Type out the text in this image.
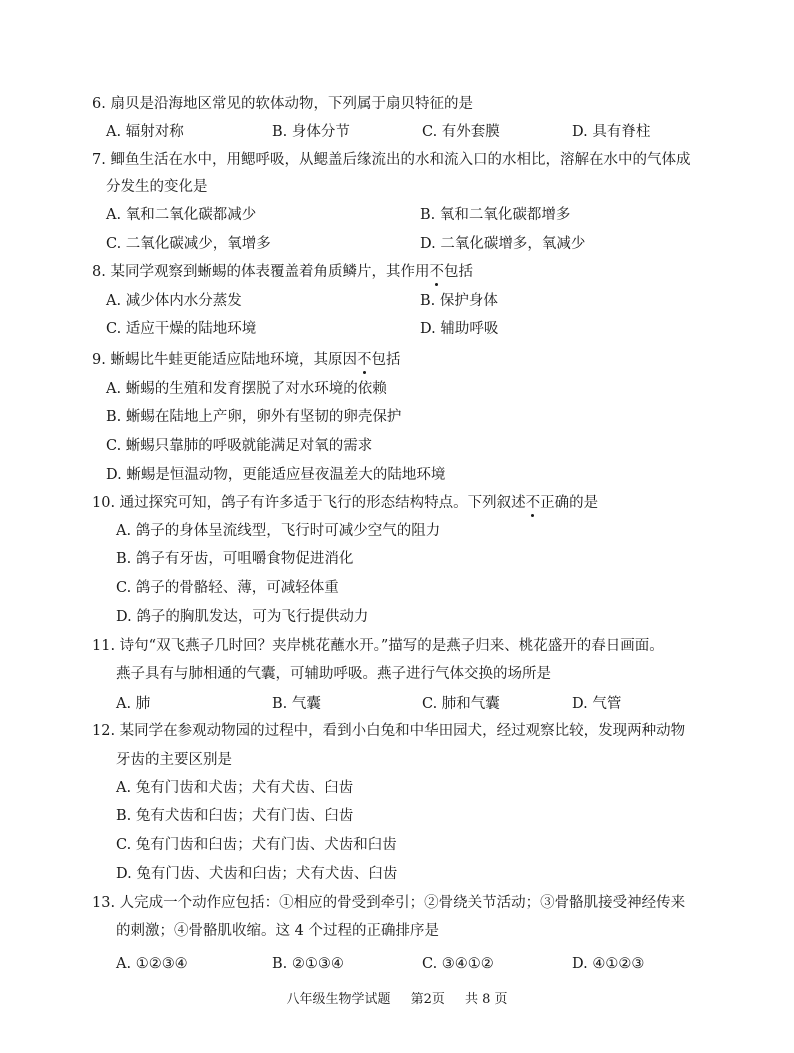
6. 扇贝是沿海地区常见的软体动物，下列属于扇贝特征的是
A. 辐射对称	B. 身体分节	C. 有外套膜	D. 具有脊柱
7. 鲫鱼生活在水中，用鳃呼吸，从鳃盖后缘流出的水和流入口的水相比，溶解在水中的气体成
分发生的变化是
A. 氧和二氧化碳都减少	B. 氧和二氧化碳都增多
C. 二氧化碳减少，氧增多	D. 二氧化碳增多，氧减少
8. 某同学观察到蜥蜴的体表覆盖着角质鳞片，其作用不包括
A. 减少体内水分蒸发	B. 保护身体
C. 适应干燥的陆地环境	D. 辅助呼吸
9. 蜥蜴比牛蛙更能适应陆地环境，其原因不包括
A. 蜥蜴的生殖和发育摆脱了对水环境的依赖
B. 蜥蜴在陆地上产卵，卵外有坚韧的卵壳保护
C. 蜥蜴只靠肺的呼吸就能满足对氧的需求
D. 蜥蜴是恒温动物，更能适应昼夜温差大的陆地环境
10. 通过探究可知，鸽子有许多适于飞行的形态结构特点。下列叙述不正确的是
A. 鸽子的身体呈流线型，飞行时可减少空气的阻力
B. 鸽子有牙齿，可咀嚼食物促进消化
C. 鸽子的骨骼轻、薄，可减轻体重
D. 鸽子的胸肌发达，可为飞行提供动力
11. 诗句“双飞燕子几时回？夹岸桃花蘸水开。”描写的是燕子归来、桃花盛开的春日画面。
燕子具有与肺相通的气囊，可辅助呼吸。燕子进行气体交换的场所是
A. 肺	B. 气囊	C. 肺和气囊	D. 气管
12. 某同学在参观动物园的过程中，看到小白兔和中华田园犬，经过观察比较，发现两种动物
牙齿的主要区别是
A. 兔有门齿和犬齿；犬有犬齿、臼齿
B. 兔有犬齿和臼齿；犬有门齿、臼齿
C. 兔有门齿和臼齿；犬有门齿、犬齿和臼齿
D. 兔有门齿、犬齿和臼齿；犬有犬齿、臼齿
13. 人完成一个动作应包括：①相应的骨受到牵引；②骨绕关节活动；③骨骼肌接受神经传来
的刺激；④骨骼肌收缩。这 4 个过程的正确排序是
A. ①②③④	B. ②①③④	C. ③④①②	D. ④①②③
八年级生物学试题 第2页 共 8 页
